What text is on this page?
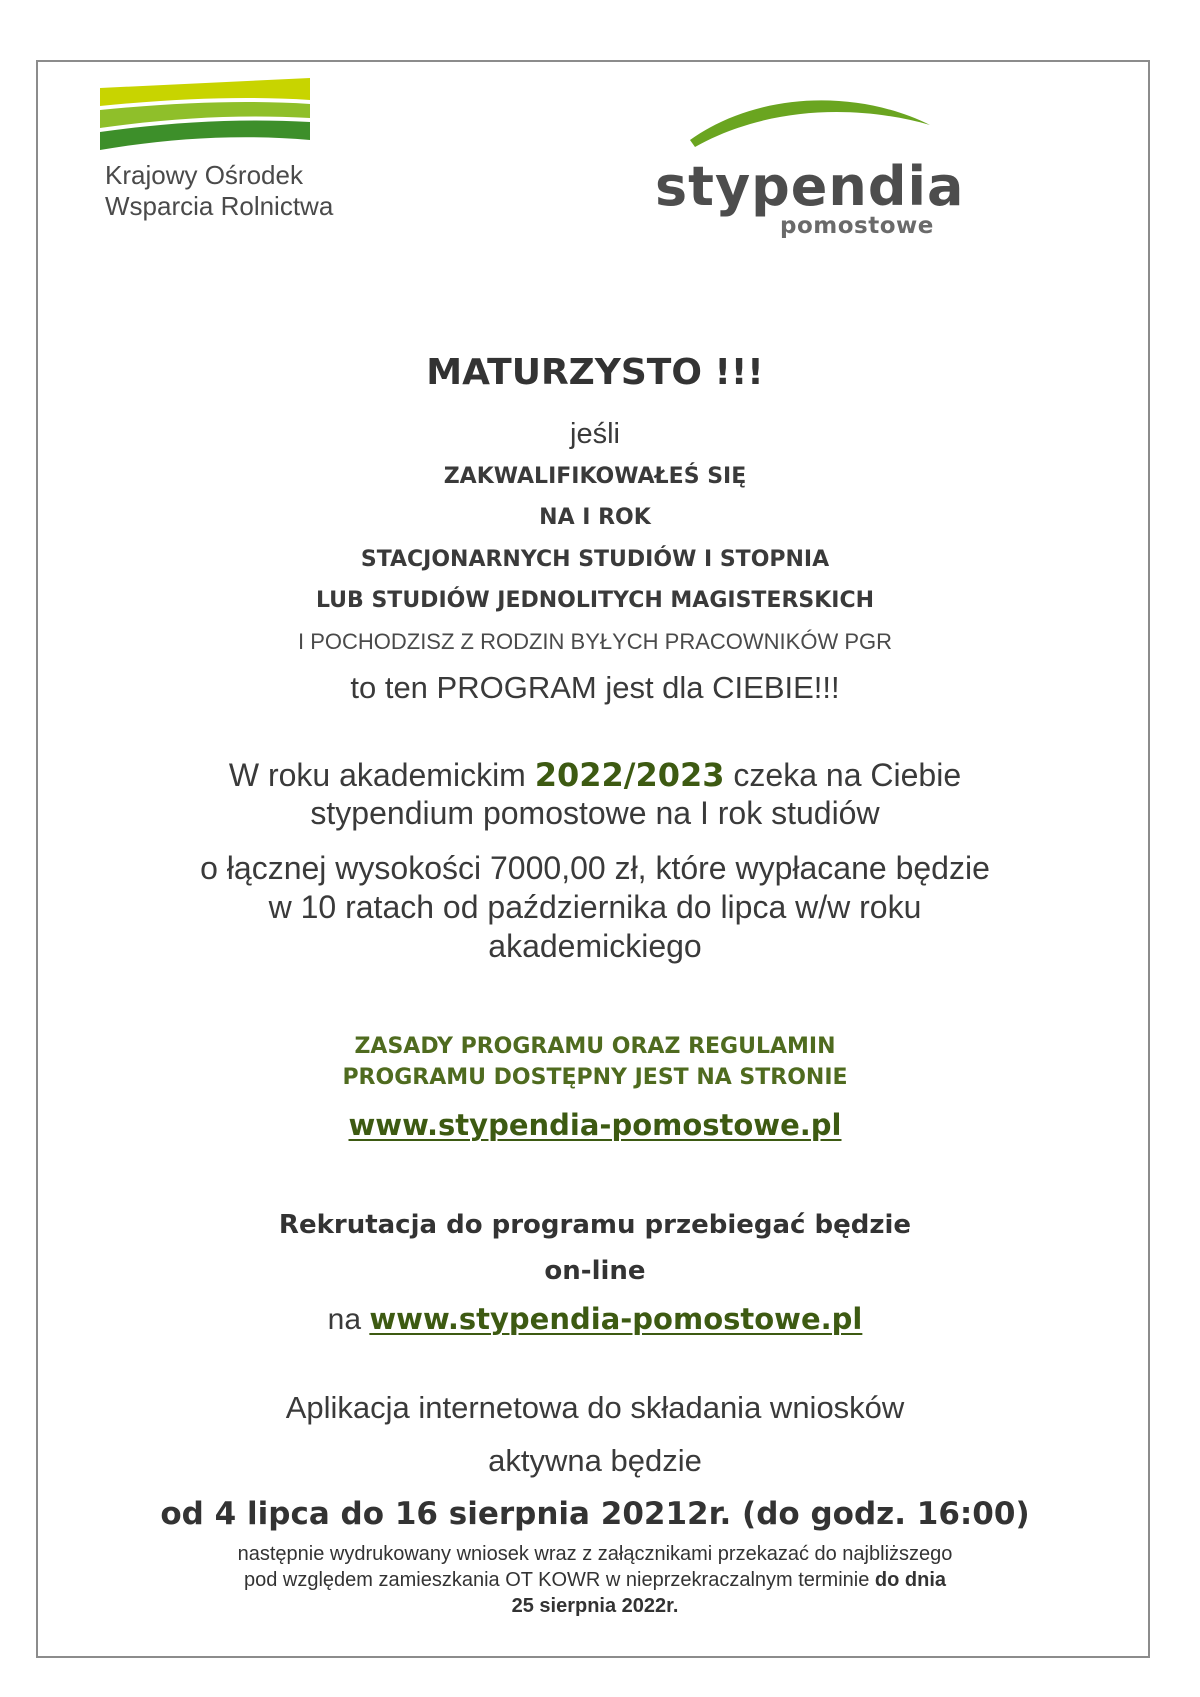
Krajowy Ośrodek
Wsparcia Rolnictwa	stypendia
pomostowe
MATURZYSTO !!!
jeśli
ZAKWALIFIKOWAŁEŚ SIĘ
NA I ROK
STACJONARNYCH STUDIÓW I STOPNIA
LUB STUDIÓW JEDNOLITYCH MAGISTERSKICH
I POCHODZISZ Z RODZIN BYŁYCH PRACOWNIKÓW PGR
to ten PROGRAM jest dla CIEBIE!!!
W roku akademickim 2022/2023 czeka na Ciebie
stypendium pomostowe na I rok studiów
o łącznej wysokości 7000,00 zł, które wypłacane będzie
w 10 ratach od października do lipca w/w roku
akademickiego
ZASADY PROGRAMU ORAZ REGULAMIN
PROGRAMU DOSTĘPNY JEST NA STRONIE
www.stypendia-pomostowe.pl
Rekrutacja do programu przebiegać będzie
on-line
na www.stypendia-pomostowe.pl
Aplikacja internetowa do składania wniosków
aktywna będzie
od 4 lipca do 16 sierpnia 20212r. (do godz. 16:00)
następnie wydrukowany wniosek wraz z załącznikami przekazać do najbliższego
pod względem zamieszkania OT KOWR w nieprzekraczalnym terminie do dnia
25 sierpnia 2022r.
